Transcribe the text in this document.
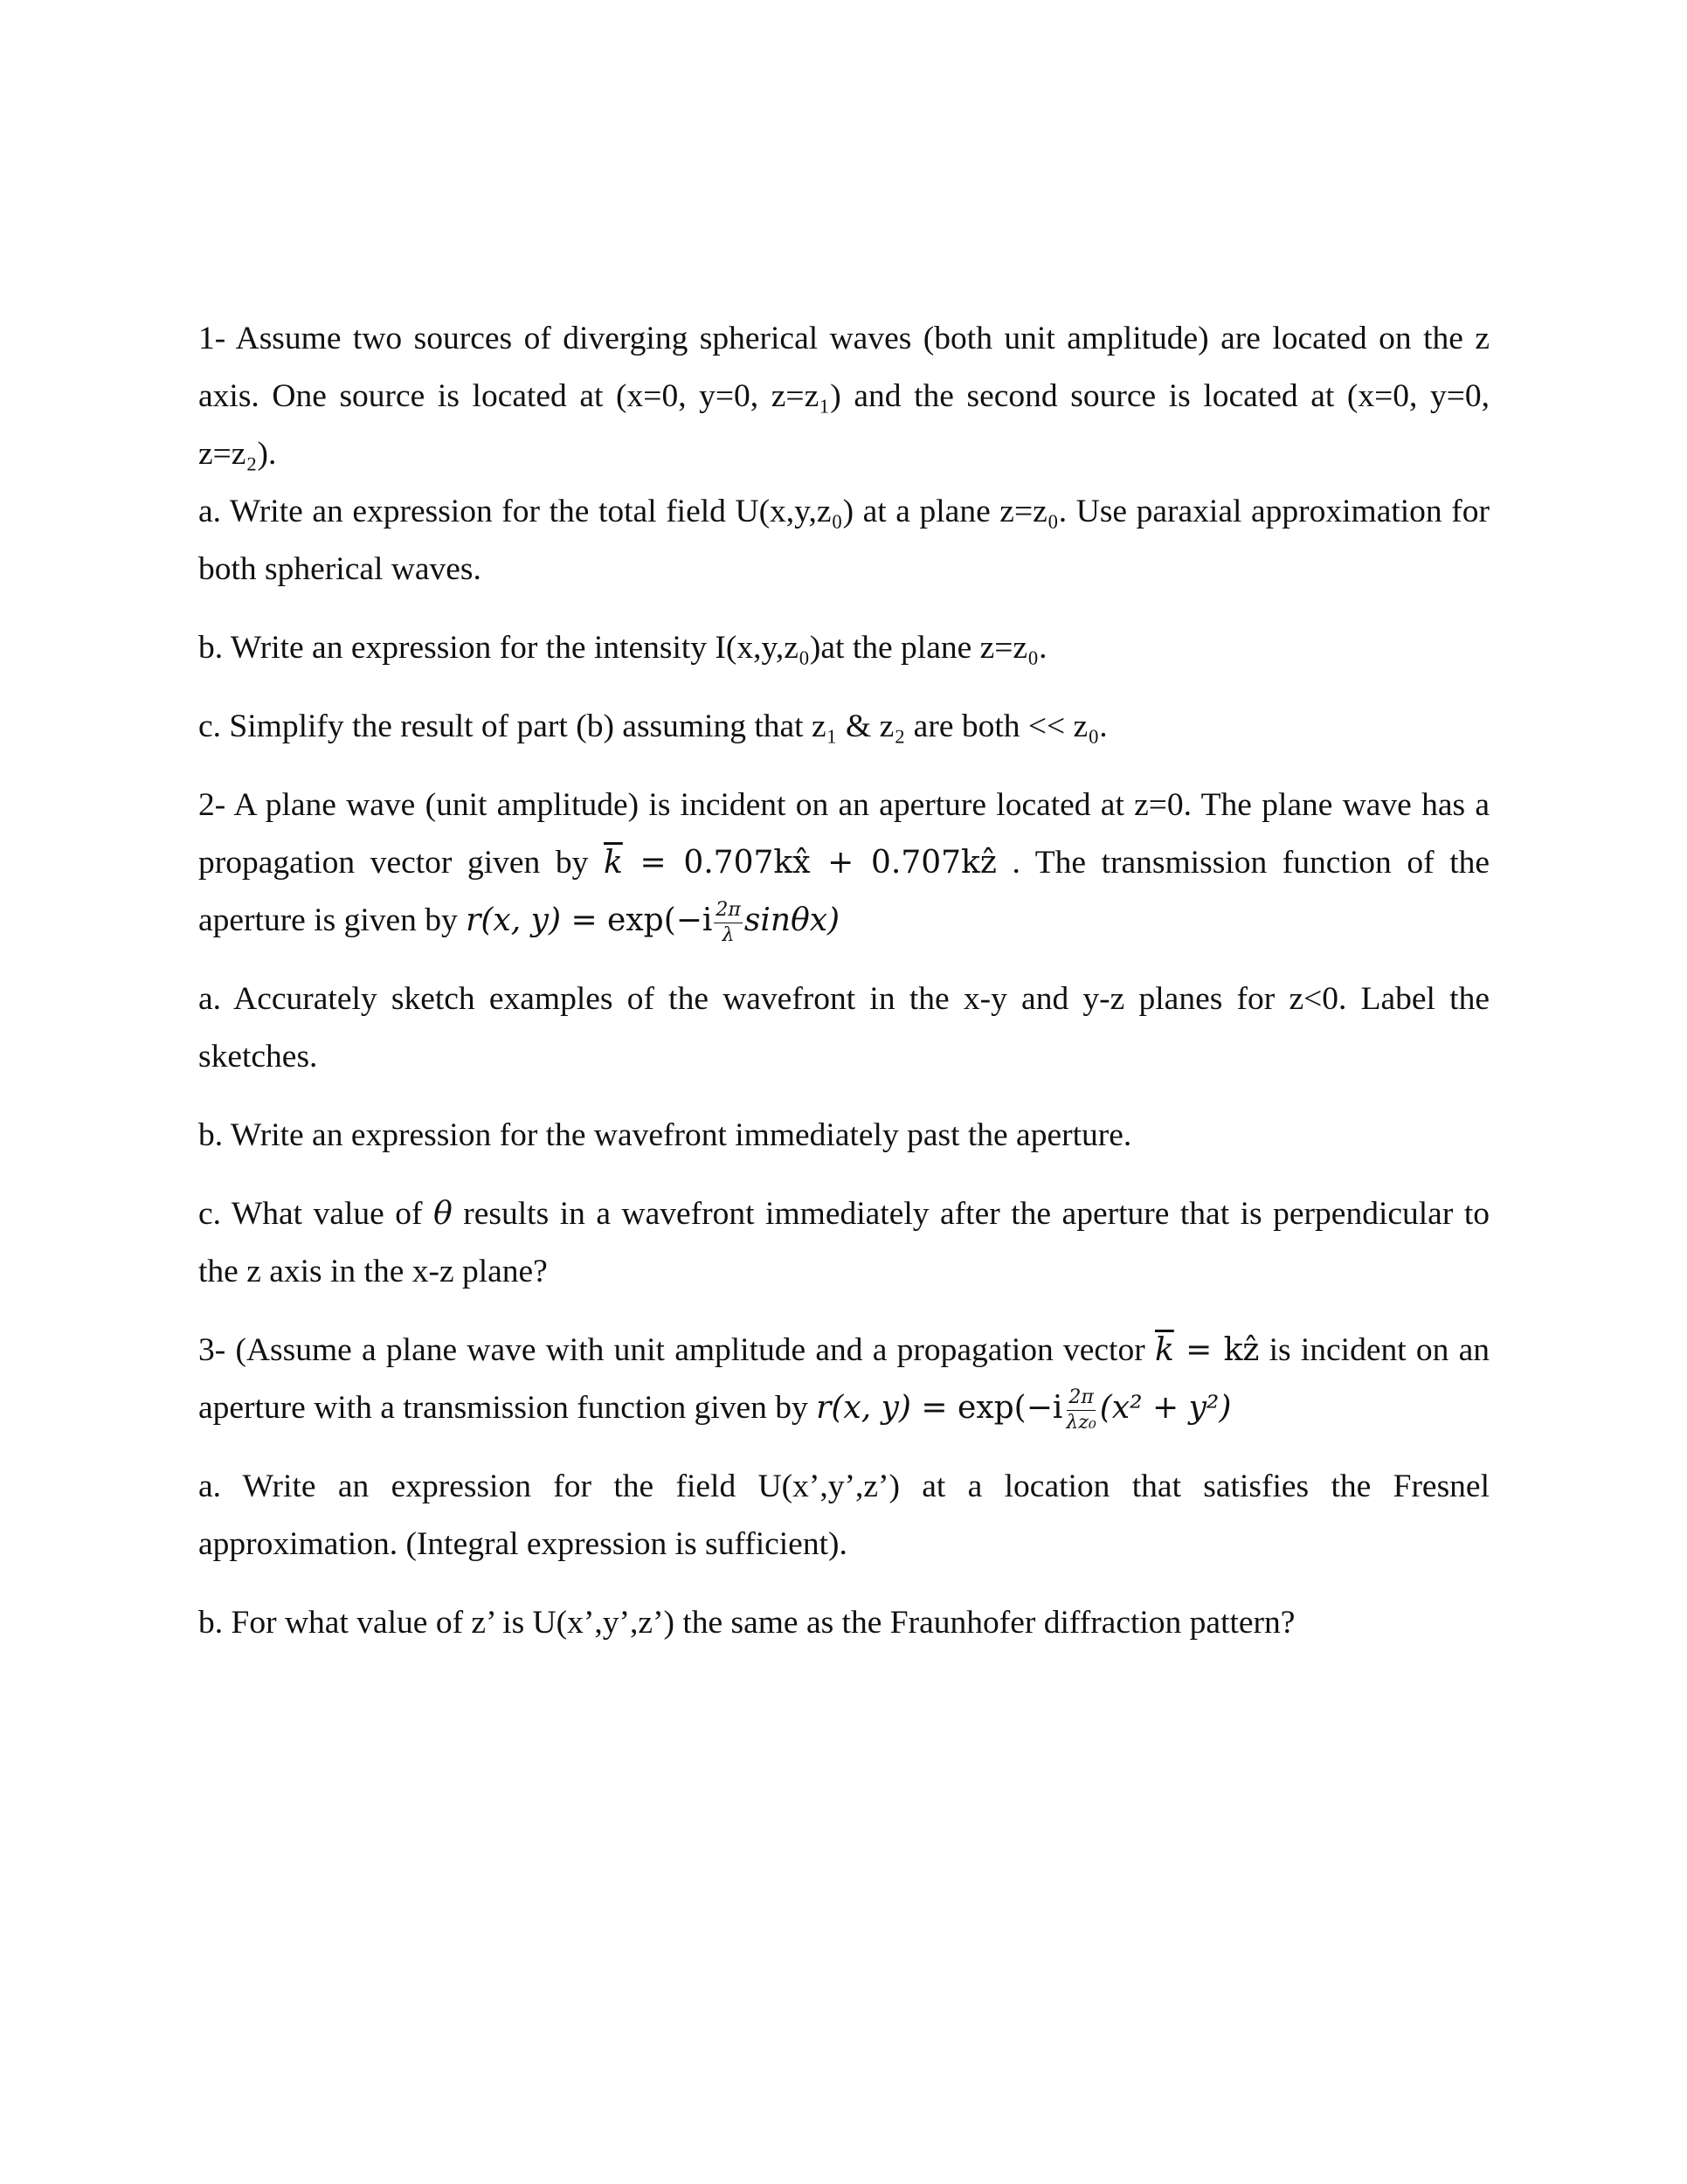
1- Assume two sources of diverging spherical waves (both unit amplitude) are located on the z axis. One source is located at (x=0, y=0, z=z₁) and the second source is located at (x=0, y=0, z=z₂).

a. Write an expression for the total field U(x,y,z₀) at a plane z=z₀. Use paraxial approximation for both spherical waves.

b. Write an expression for the intensity I(x,y,z₀)at the plane z=z₀.

c. Simplify the result of part (b) assuming that z₁ & z₂ are both << z₀.

2- A plane wave (unit amplitude) is incident on an aperture located at z=0. The plane wave has a propagation vector given by $\overline{k}$ = 0.707kx̂ + 0.707kẑ . The transmission function of the aperture is given by r(x, $y) = \exp(-i \frac{2\pi}{\lambda} \sin\theta x)$

a. Accurately sketch examples of the wavefront in the x-y and y-z planes for z<0. Label the sketches.

b. Write an expression for the wavefront immediately past the aperture.

c. What value of θ results in a wavefront immediately after the aperture that is perpendicular to the z axis in the x-z plane?

3- (Assume a plane wave with unit amplitude and a propagation vector $\overline{k}$ = kẑ is incident on an aperture with a transmission function given by r(x, $y) = \exp(-i \frac{2\pi}{\text{λz₀}} (x^2 + y^2)$

a. Write an expression for the field U(x’,y’,z’) at a location that satisfies the Fresnel approximation. (Integral expression is sufficient).

b. For what value of z’ is U(x’,y’,z’) the same as the Fraunhofer diffraction pattern?
